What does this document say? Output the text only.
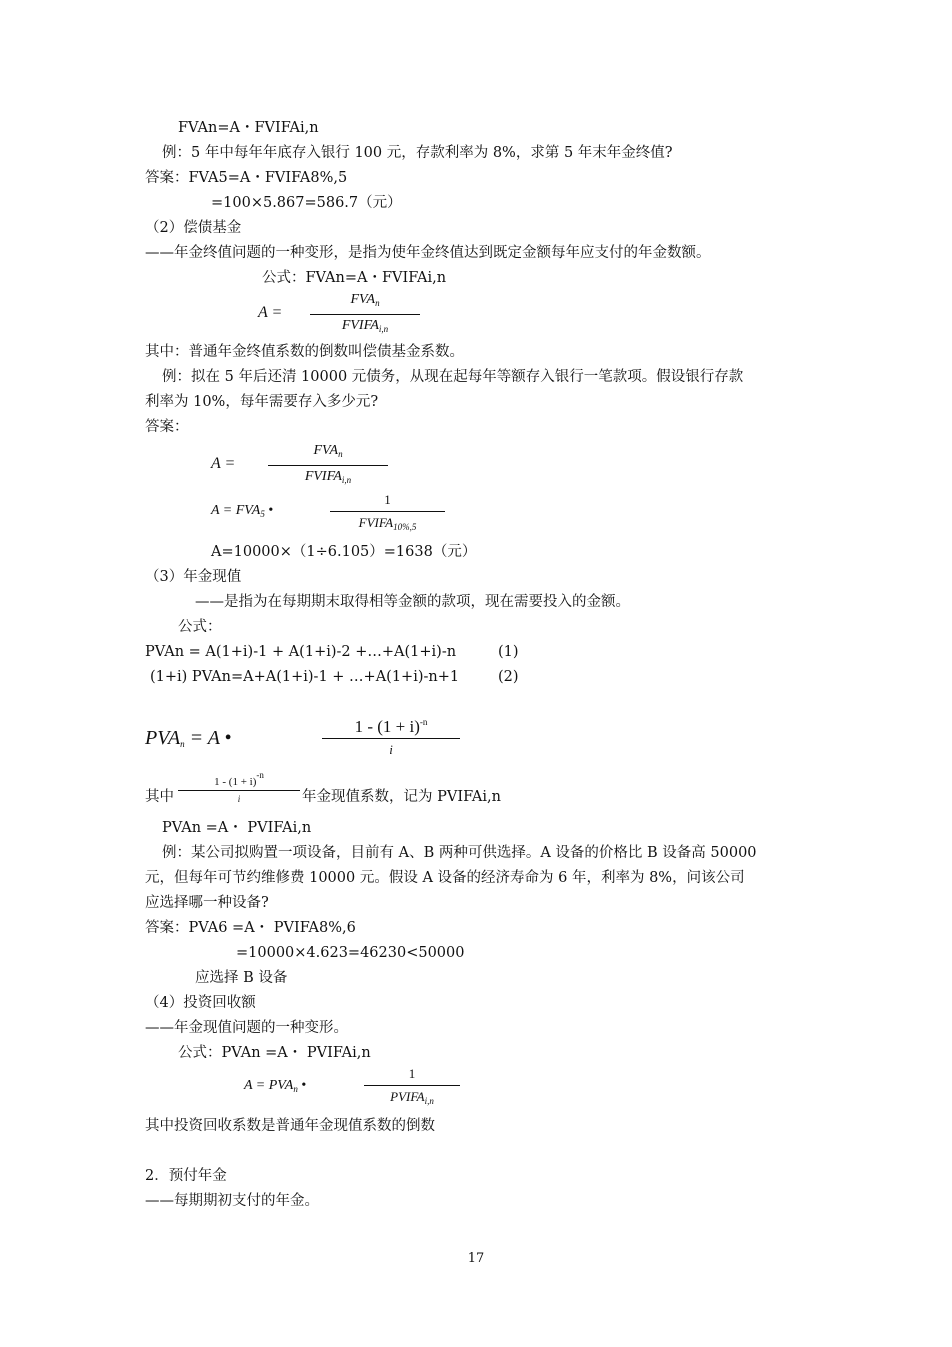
FVAn=A・FVIFAi,n
例：5 年中每年年底存入银行 100 元，存款利率为 8%，求第 5 年末年金终值?
答案：FVA5=A・FVIFA8%,5
=100×5.867=586.7（元）
（2）偿债基金
——年金终值问题的一种变形，是指为使年金终值达到既定金额每年应支付的年金数额。
公式：FVAn=A・FVIFAi,n
A =
$FVA_n$
$FVIFA_{i,n}$
其中：普通年金终值系数的倒数叫偿债基金系数。
例：拟在 5 年后还清 10000 元债务，从现在起每年等额存入银行一笔款项。假设银行存款
利率为 10%，每年需要存入多少元?
答案：
A =
$FVA_n$
$FVIFA_{i,n}$
$A = FVA_5$ •
1
$FVIFA_{10\%,5}$
A=10000×（1÷6.105）=1638（元）
（3）年金现值
——是指为在每期期末取得相等金额的款项，现在需要投入的金额。
公式：
PVAn = A(1+i)-1 + A(1+i)-2 +…+A(1+i)-n	(1)
(1+i) PVAn=A+A(1+i)-1 + …+A(1+i)-n+1	(2)
$PVA_n = A$ •
$1 - (1 + i)^{-n}$
i
其中
$1 - (1 + i)^{-n}$
i	年金现值系数，记为 PVIFAi,n
PVAn =A・ PVIFAi,n
例：某公司拟购置一项设备，目前有 A、B 两种可供选择。A 设备的价格比 B 设备高 50000
元，但每年可节约维修费 10000 元。假设 A 设备的经济寿命为 6 年，利率为 8%，问该公司
应选择哪一种设备?
答案：PVA6 =A・ PVIFA8%,6
=10000×4.623=46230<50000
应选择 B 设备
（4）投资回收额
——年金现值问题的一种变形。
公式：PVAn =A・ PVIFAi,n
$A = PVA_n$ •
1
$PVIFA_{i,n}$
其中投资回收系数是普通年金现值系数的倒数
2．预付年金
——每期期初支付的年金。
17
